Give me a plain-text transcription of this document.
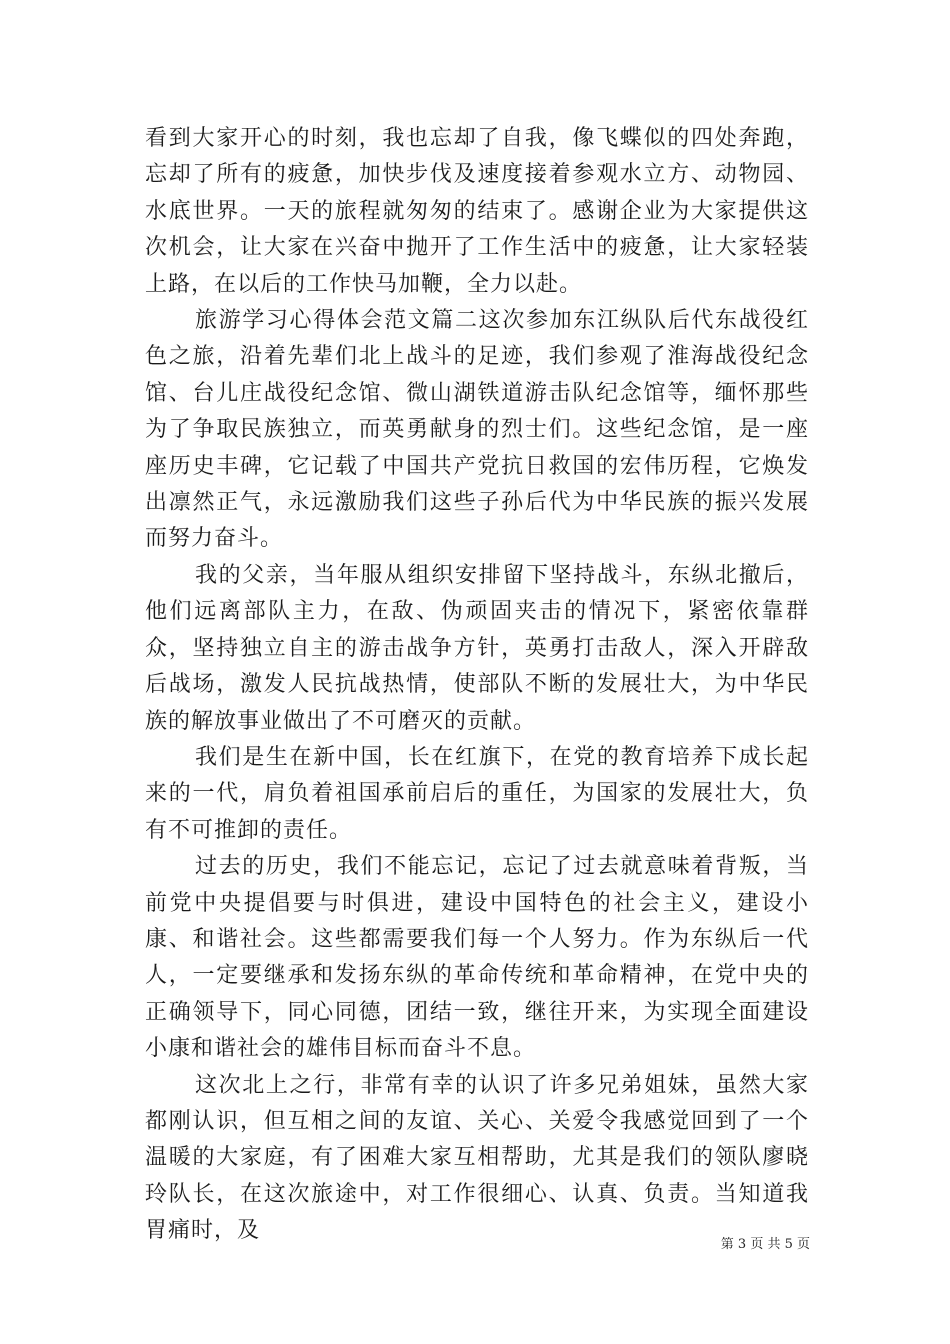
看到大家开心的时刻，我也忘却了自我，像飞蝶似的四处奔跑，忘却了所有的疲惫，加快步伐及速度接着参观水立方、动物园、水底世界。一天的旅程就匆匆的结束了。感谢企业为大家提供这次机会，让大家在兴奋中抛开了工作生活中的疲惫，让大家轻装上路，在以后的工作快马加鞭，全力以赴。

旅游学习心得体会范文篇二这次参加东江纵队后代东战役红色之旅，沿着先辈们北上战斗的足迹，我们参观了淮海战役纪念馆、台儿庄战役纪念馆、微山湖铁道游击队纪念馆等，缅怀那些为了争取民族独立，而英勇献身的烈士们。这些纪念馆，是一座座历史丰碑，它记载了中国共产党抗日救国的宏伟历程，它焕发出凛然正气，永远激励我们这些子孙后代为中华民族的振兴发展而努力奋斗。

我的父亲，当年服从组织安排留下坚持战斗，东纵北撤后，他们远离部队主力，在敌、伪顽固夹击的情况下，紧密依靠群众，坚持独立自主的游击战争方针，英勇打击敌人，深入开辟敌后战场，激发人民抗战热情，使部队不断的发展壮大，为中华民族的解放事业做出了不可磨灭的贡献。

我们是生在新中国，长在红旗下，在党的教育培养下成长起来的一代，肩负着祖国承前启后的重任，为国家的发展壮大，负有不可推卸的责任。

过去的历史，我们不能忘记，忘记了过去就意味着背叛，当前党中央提倡要与时俱进，建设中国特色的社会主义，建设小康、和谐社会。这些都需要我们每一个人努力。作为东纵后一代人，一定要继承和发扬东纵的革命传统和革命精神，在党中央的正确领导下，同心同德，团结一致，继往开来，为实现全面建设小康和谐社会的雄伟目标而奋斗不息。

这次北上之行，非常有幸的认识了许多兄弟姐妹，虽然大家都刚认识，但互相之间的友谊、关心、关爱令我感觉回到了一个温暖的大家庭，有了困难大家互相帮助，尤其是我们的领队廖晓玲队长，在这次旅途中，对工作很细心、认真、负责。当知道我胃痛时，及

第 3 页 共 5 页
